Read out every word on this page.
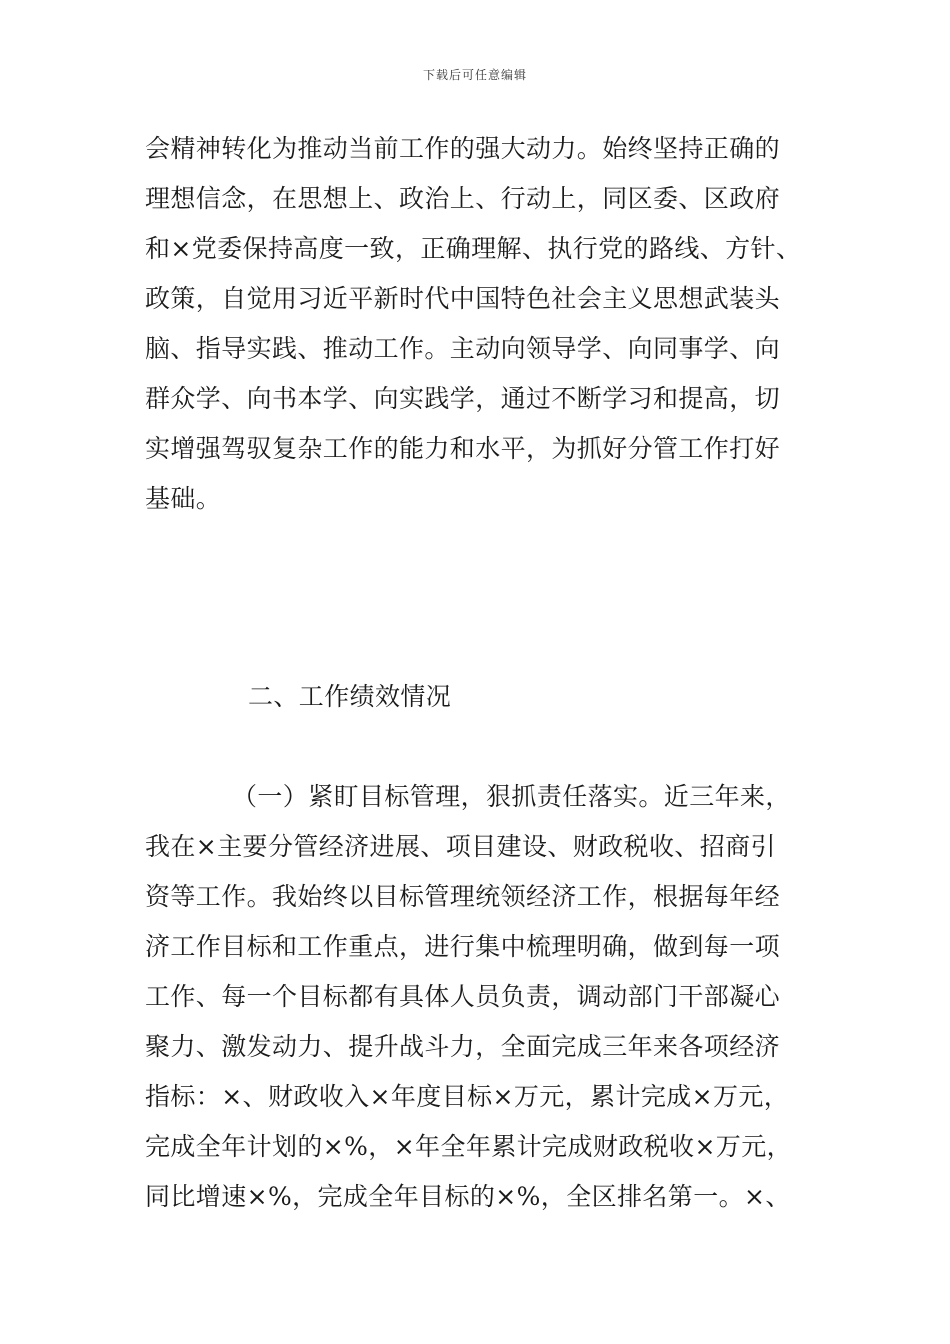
下载后可任意编辑
会精神转化为推动当前工作的强大动力。始终坚持正确的
理想信念，在思想上、政治上、行动上，同区委、区政府
和×党委保持高度一致，正确理解、执行党的路线、方针、
政策，自觉用习近平新时代中国特色社会主义思想武装头
脑、指导实践、推动工作。主动向领导学、向同事学、向
群众学、向书本学、向实践学，通过不断学习和提高，切
实增强驾驭复杂工作的能力和水平，为抓好分管工作打好
基础。
二、工作绩效情况
（一）紧盯目标管理，狠抓责任落实。近三年来，
我在×主要分管经济进展、项目建设、财政税收、招商引
资等工作。我始终以目标管理统领经济工作，根据每年经
济工作目标和工作重点，进行集中梳理明确，做到每一项
工作、每一个目标都有具体人员负责，调动部门干部凝心
聚力、激发动力、提升战斗力，全面完成三年来各项经济
指标：×、财政收入×年度目标×万元，累计完成×万元，
完成全年计划的×%，×年全年累计完成财政税收×万元，
同比增速×%，完成全年目标的×%，全区排名第一。×、
